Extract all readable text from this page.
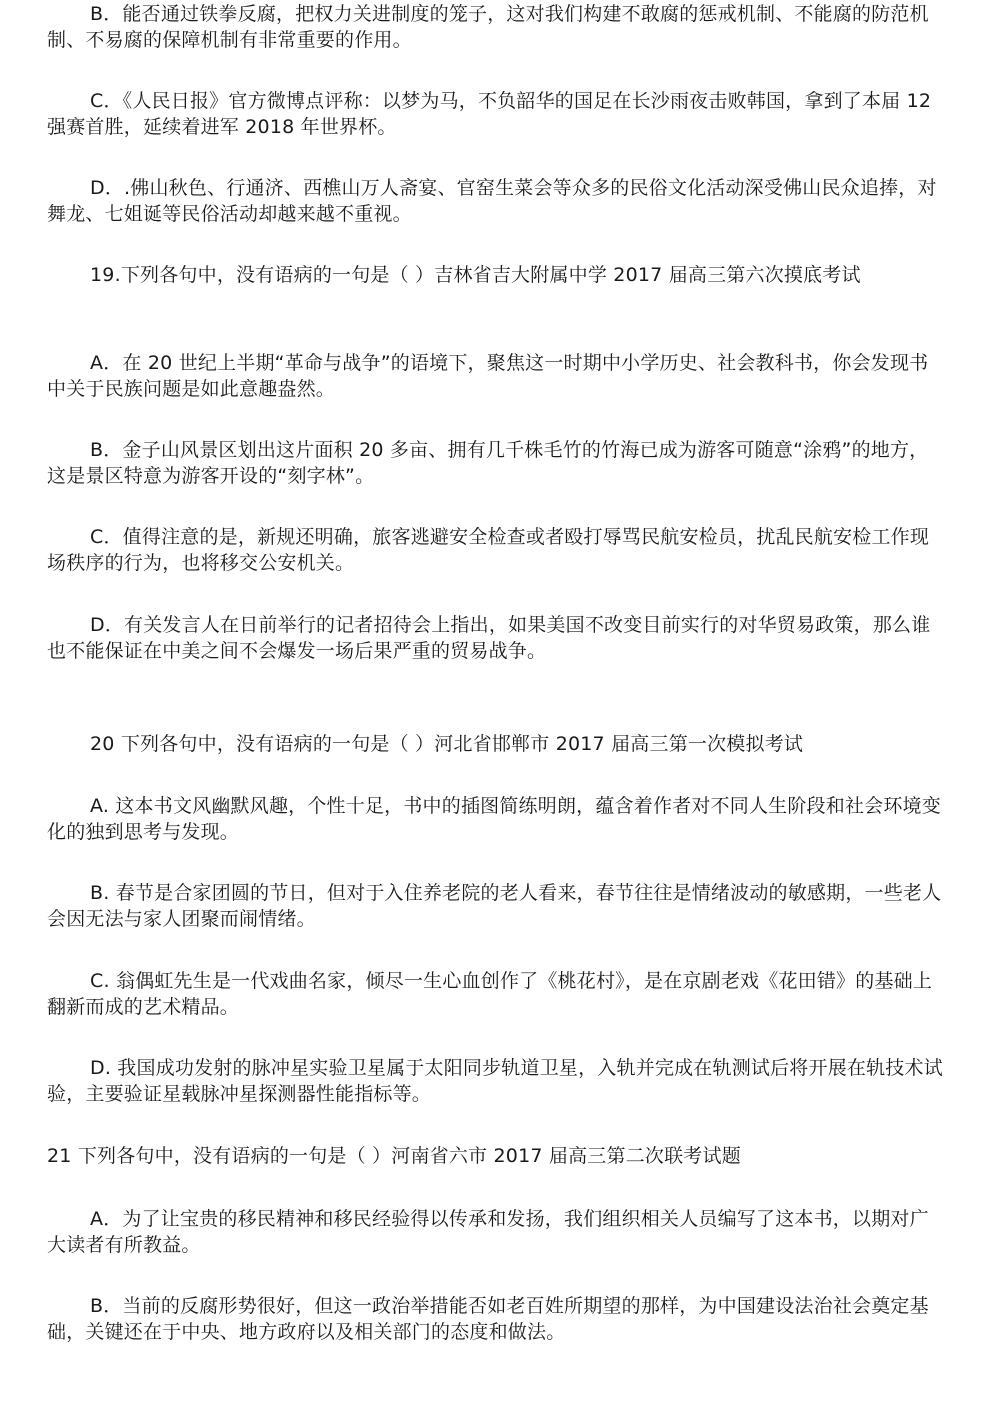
B．能否通过铁拳反腐，把权力关进制度的笼子，这对我们构建不敢腐的惩戒机制、不能腐的防范机制、不易腐的保障机制有非常重要的作用。

C．《人民日报》官方微博点评称：以梦为马，不负韶华的国足在长沙雨夜击败韩国，拿到了本届 12 强赛首胜，延续着进军 2018 年世界杯。

D．.佛山秋色、行通济、西樵山万人斋宴、官窑生菜会等众多的民俗文化活动深受佛山民众追捧，对舞龙、七姐诞等民俗活动却越来越不重视。

19.下列各句中，没有语病的一句是（ ）吉林省吉大附属中学 2017 届高三第六次摸底考试

A．在 20 世纪上半期“革命与战争”的语境下，聚焦这一时期中小学历史、社会教科书，你会发现书中关于民族问题是如此意趣盎然。

B．金子山风景区划出这片面积 20 多亩、拥有几千株毛竹的竹海已成为游客可随意“涂鸦”的地方，这是景区特意为游客开设的“刻字林”。

C．值得注意的是，新规还明确，旅客逃避安全检查或者殴打辱骂民航安检员，扰乱民航安检工作现场秩序的行为，也将移交公安机关。

D．有关发言人在日前举行的记者招待会上指出，如果美国不改变目前实行的对华贸易政策，那么谁也不能保证在中美之间不会爆发一场后果严重的贸易战争。

20 下列各句中，没有语病的一句是（ ）河北省邯郸市 2017 届高三第一次模拟考试

A. 这本书文风幽默风趣，个性十足，书中的插图简练明朗，蕴含着作者对不同人生阶段和社会环境变化的独到思考与发现。

B. 春节是合家团圆的节日，但对于入住养老院的老人看来，春节往往是情绪波动的敏感期，一些老人会因无法与家人团聚而闹情绪。

C. 翁偶虹先生是一代戏曲名家，倾尽一生心血创作了《桃花村》，是在京剧老戏《花田错》的基础上翻新而成的艺术精品。

D. 我国成功发射的脉冲星实验卫星属于太阳同步轨道卫星，入轨并完成在轨测试后将开展在轨技术试验，主要验证星载脉冲星探测器性能指标等。

21 下列各句中，没有语病的一句是（ ）河南省六市 2017 届高三第二次联考试题

A．为了让宝贵的移民精神和移民经验得以传承和发扬，我们组织相关人员编写了这本书，以期对广大读者有所教益。

B．当前的反腐形势很好，但这一政治举措能否如老百姓所期望的那样，为中国建设法治社会奠定基础，关键还在于中央、地方政府以及相关部门的态度和做法。
